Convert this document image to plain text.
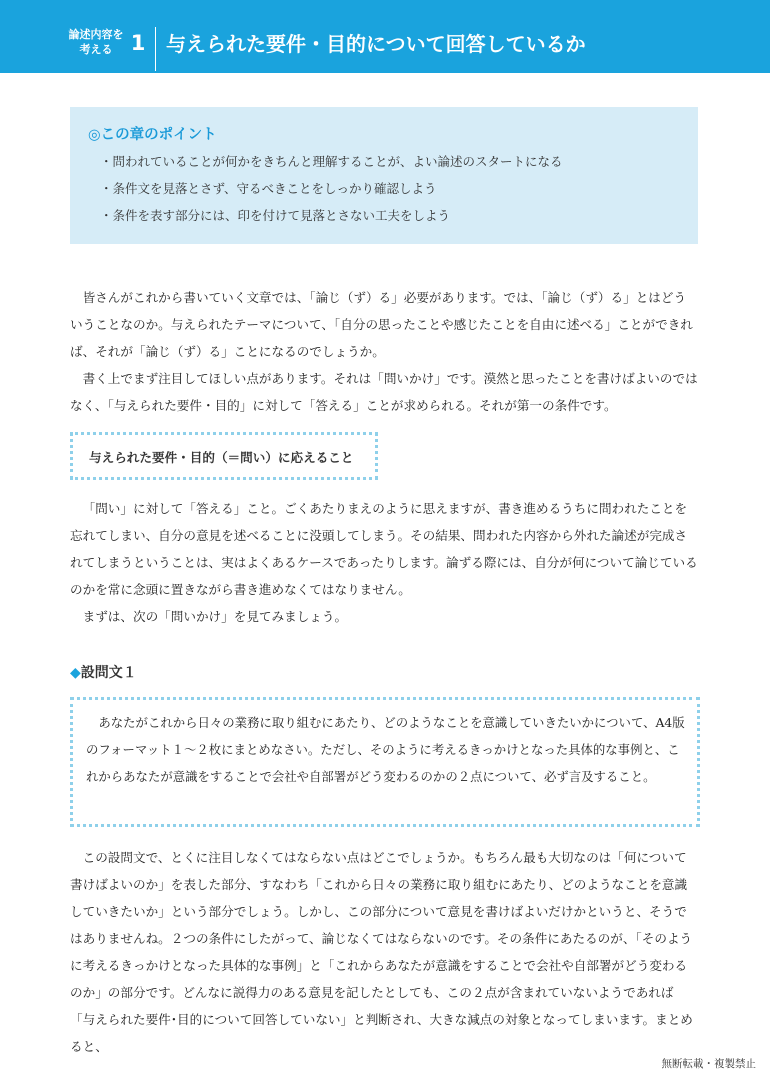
論述内容を
考える 1 与えられた要件・目的について回答しているか
◎この章のポイント
・問われていることが何かをきちんと理解することが、よい論述のスタートになる
・条件文を見落とさず、守るべきことをしっかり確認しよう
・条件を表す部分には、印を付けて見落とさない工夫をしよう

皆さんがこれから書いていく文章では、「論じ（ず）る」必要があります。では、「論じ（ず）る」とはどういうことなのか。与えられたテーマについて、「自分の思ったことや感じたことを自由に述べる」ことができれば、それが「論じ（ず）る」ことになるのでしょうか。

書く上でまず注目してほしい点があります。それは「問いかけ」です。漠然と思ったことを書けばよいのではなく、「与えられた要件・目的」に対して「答える」ことが求められる。それが第一の条件です。

与えられた要件・目的（＝問い）に応えること

「問い」に対して「答える」こと。ごくあたりまえのように思えますが、書き進めるうちに問われたことを忘れてしまい、自分の意見を述べることに没頭してしまう。その結果、問われた内容から外れた論述が完成されてしまうということは、実はよくあるケースであったりします。論ずる際には、自分が何について論じているのかを常に念頭に置きながら書き進めなくてはなりません。

まずは、次の「問いかけ」を見てみましょう。

◆設問文１

あなたがこれから日々の業務に取り組むにあたり、どのようなことを意識していきたいかについて、A4版のフォーマット１～２枚にまとめなさい。ただし、そのように考えるきっかけとなった具体的な事例と、これからあなたが意識をすることで会社や自部署がどう変わるのかの２点について、必ず言及すること。

この設問文で、とくに注目しなくてはならない点はどこでしょうか。もちろん最も大切なのは「何について書けばよいのか」を表した部分、すなわち「これから日々の業務に取り組むにあたり、どのようなことを意識していきたいか」という部分でしょう。しかし、この部分について意見を書けばよいだけかというと、そうではありませんね。２つの条件にしたがって、論じなくてはならないのです。その条件にあたるのが、「そのように考えるきっかけとなった具体的な事例」と「これからあなたが意識をすることで会社や自部署がどう変わるのか」の部分です。どんなに説得力のある意見を記したとしても、この２点が含まれていないようであれば「与えられた要件･目的について回答していない」と判断され、大きな減点の対象となってしまいます。まとめると、

無断転載・複製禁止
